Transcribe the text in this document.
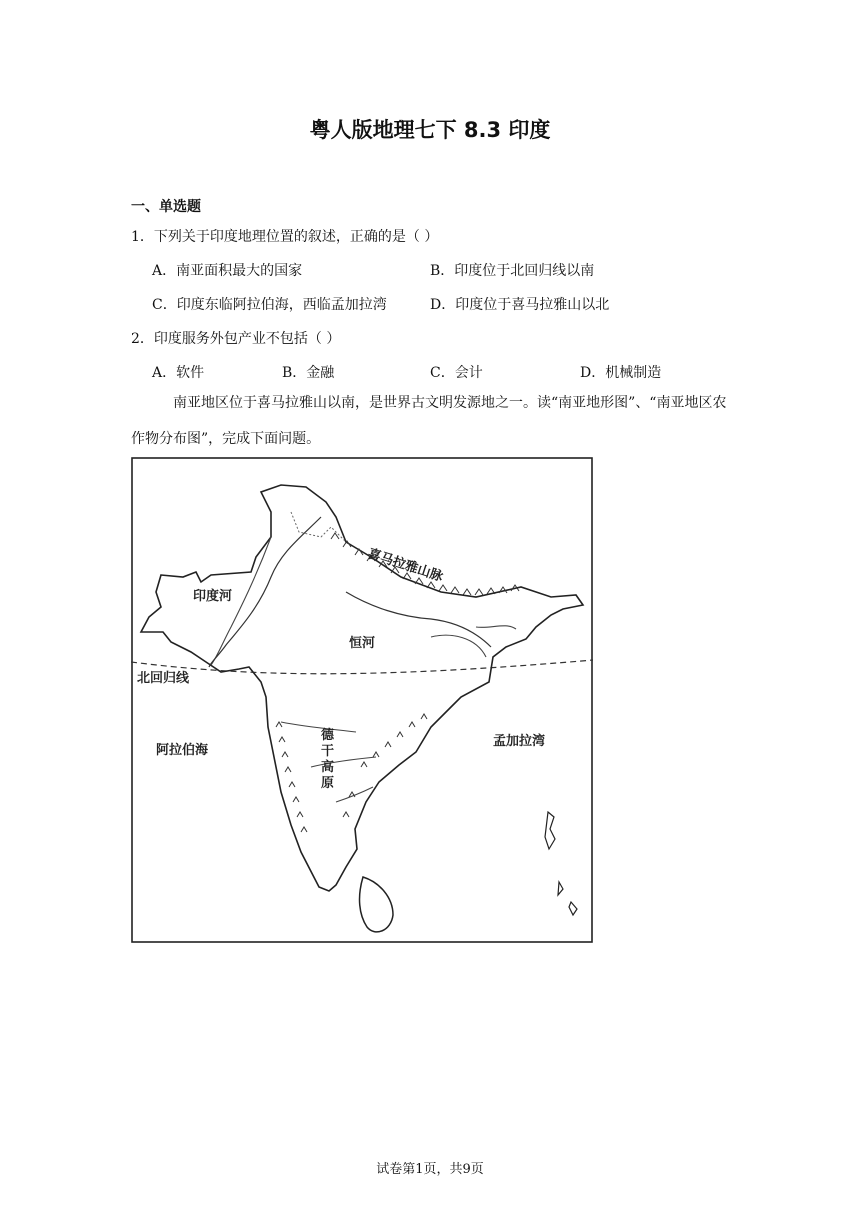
粤人版地理七下 8.3 印度
一、单选题
1．下列关于印度地理位置的叙述，正确的是（ ）
A．南亚面积最大的国家	B．印度位于北回归线以南
C．印度东临阿拉伯海，西临孟加拉湾	D．印度位于喜马拉雅山以北
2．印度服务外包产业不包括（ ）
A．软件	B．金融	C．会计	D．机械制造
南亚地区位于喜马拉雅山以南，是世界古文明发源地之一。读“南亚地形图”、“南亚地区农作物分布图”，完成下面问题。
喜马拉雅山脉
印度河
恒河
北回归线
阿拉伯海
孟加拉湾
德
干
高
原
试卷第1页，共9页
